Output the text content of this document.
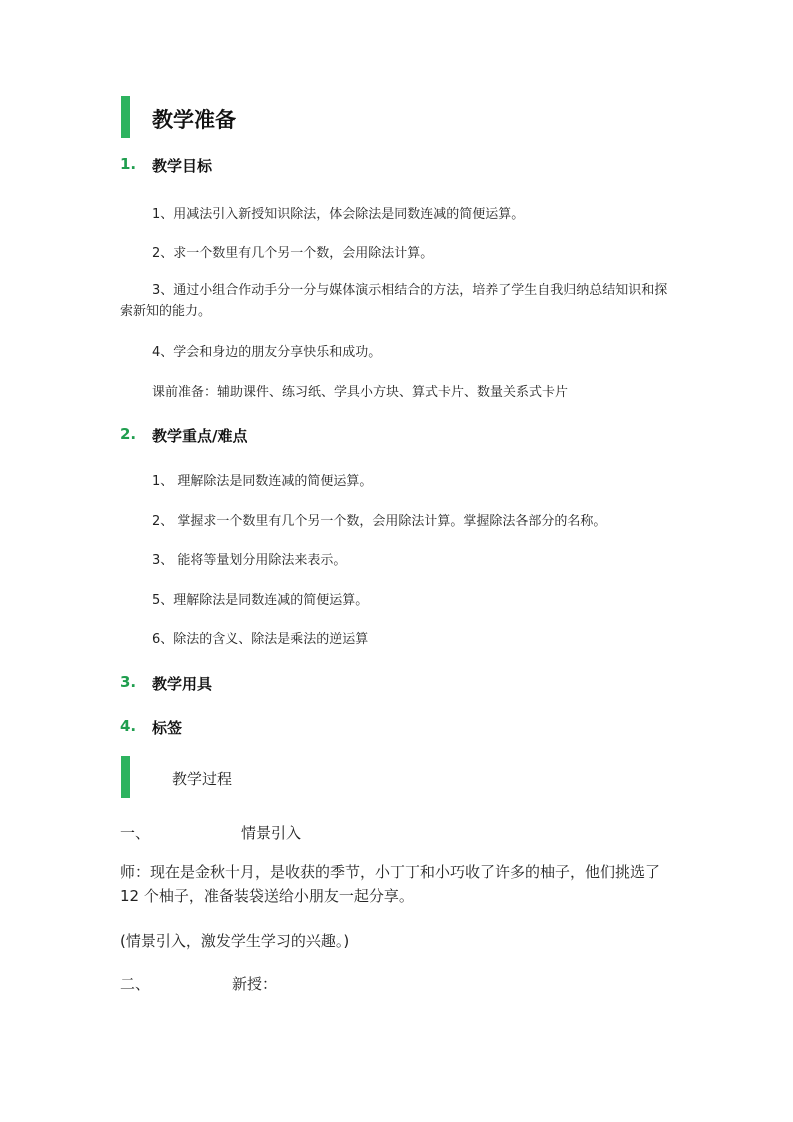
教学准备
1. 教学目标
1、用减法引入新授知识除法，体会除法是同数连减的简便运算。
2、求一个数里有几个另一个数，会用除法计算。
3、通过小组合作动手分一分与媒体演示相结合的方法，培养了学生自我归纳总结知识和探索新知的能力。
4、学会和身边的朋友分享快乐和成功。
课前准备：辅助课件、练习纸、学具小方块、算式卡片、数量关系式卡片
2. 教学重点/难点
1、 理解除法是同数连减的简便运算。
2、 掌握求一个数里有几个另一个数，会用除法计算。掌握除法各部分的名称。
3、 能将等量划分用除法来表示。
5、理解除法是同数连减的简便运算。
6、除法的含义、除法是乘法的逆运算
3. 教学用具
4. 标签
教学过程
一、	情景引入
师：现在是金秋十月，是收获的季节，小丁丁和小巧收了许多的柚子，他们挑选了 12 个柚子，准备装袋送给小朋友一起分享。
(情景引入，激发学生学习的兴趣。)
二、	新授：
